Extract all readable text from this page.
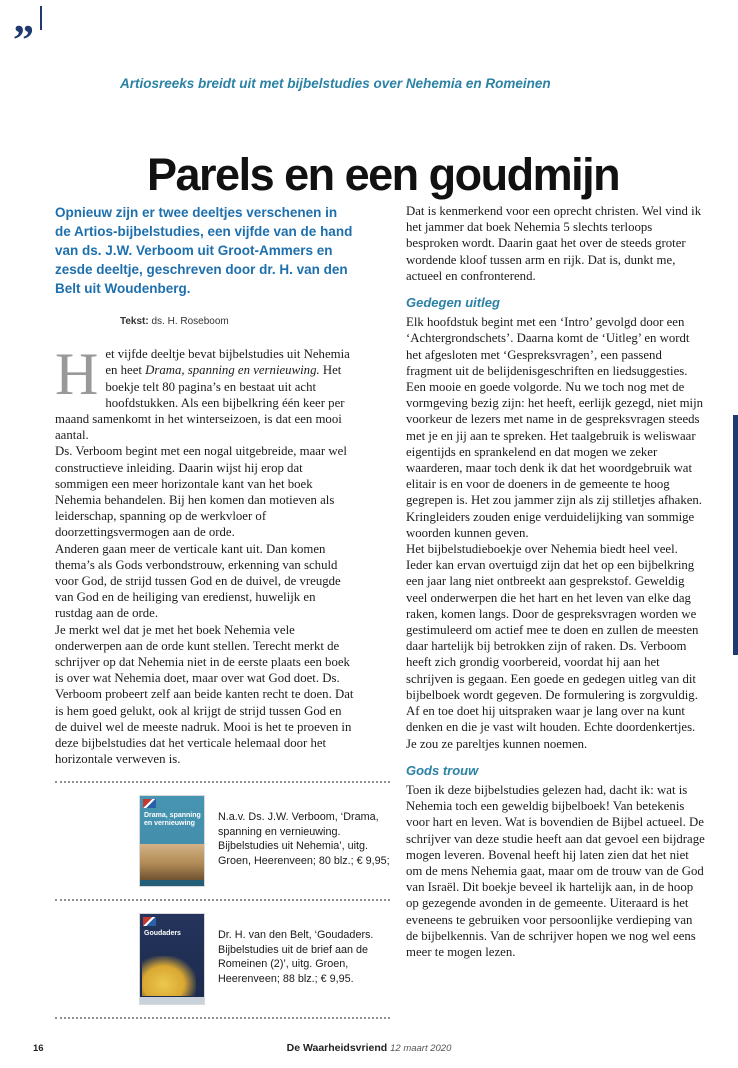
”
Artiosreeks breidt uit met bijbelstudies over Nehemia en Romeinen
Parels en een goudmijn

Opnieuw zijn er twee deeltjes verschenen in de Artios-bijbelstudies, een vijfde van de hand van ds. J.W. Verboom uit Groot-Ammers en zesde deeltje, geschreven door dr. H. van den Belt uit Woudenberg.

Tekst: ds. H. Roseboom

Het vijfde deeltje bevat bijbelstudies uit Nehemia en heet Drama, spanning en vernieuwing. Het boekje telt 80 pagina’s en bestaat uit acht hoofdstukken. Als een bijbelkring één keer per maand samenkomt in het winterseizoen, is dat een mooi aantal.

Ds. Verboom begint met een nogal uitgebreide, maar wel constructieve inleiding. Daarin wijst hij erop dat sommigen een meer horizontale kant van het boek Nehemia behandelen. Bij hen komen dan motieven als leiderschap, spanning op de werkvloer of doorzettingsvermogen aan de orde.

Anderen gaan meer de verticale kant uit. Dan komen thema’s als Gods verbondstrouw, erkenning van schuld voor God, de strijd tussen God en de duivel, de vreugde van God en de heiliging van eredienst, huwelijk en rustdag aan de orde.

Je merkt wel dat je met het boek Nehemia vele onderwerpen aan de orde kunt stellen. Terecht merkt de schrijver op dat Nehemia niet in de eerste plaats een boek is over wat Nehemia doet, maar over wat God doet. Ds. Verboom probeert zelf aan beide kanten recht te doen. Dat is hem goed gelukt, ook al krijgt de strijd tussen God en de duivel wel de meeste nadruk. Mooi is het te proeven in deze bijbelstudies dat het verticale helemaal door het horizontale verweven is.

Drama, spanning en vernieuwing
N.a.v. Ds. J.W. Verboom, ‘Drama, spanning en vernieuwing. Bijbelstudies uit Nehemia’, uitg. Groen, Heerenveen; 80 blz.; € 9,95;
Goudaders	Dr. H. van den Belt, ‘Goudaders. Bijbelstudies uit de brief aan de Romeinen (2)’, uitg. Groen, Heerenveen; 88 blz.; € 9,95.

Dat is kenmerkend voor een oprecht christen. Wel vind ik het jammer dat boek Nehemia 5 slechts terloops besproken wordt. Daarin gaat het over de steeds groter wordende kloof tussen arm en rijk. Dat is, dunkt me, actueel en confronterend.

Gedegen uitleg

Elk hoofdstuk begint met een ‘Intro’ gevolgd door een ‘Achtergrondschets’. Daarna komt de ‘Uitleg’ en wordt het afgesloten met ‘Gespreksvragen’, een passend fragment uit de belijdenisgeschriften en liedsuggesties. Een mooie en goede volgorde. Nu we toch nog met de vormgeving bezig zijn: het heeft, eerlijk gezegd, niet mijn voorkeur de lezers met name in de gespreksvragen steeds met je en jij aan te spreken. Het taalgebruik is weliswaar eigentijds en sprankelend en dat mogen we zeker waarderen, maar toch denk ik dat het woordgebruik wat elitair is en voor de doeners in de gemeente te hoog gegrepen is. Het zou jammer zijn als zij stilletjes afhaken. Kringleiders zouden enige verduidelijking van sommige woorden kunnen geven.

Het bijbelstudieboekje over Nehemia biedt heel veel. Ieder kan ervan overtuigd zijn dat het op een bijbelkring een jaar lang niet ontbreekt aan gesprekstof. Geweldig veel onderwerpen die het hart en het leven van elke dag raken, komen langs. Door de gespreksvragen worden we gestimuleerd om actief mee te doen en zullen de meesten daar hartelijk bij betrokken zijn of raken. Ds. Verboom heeft zich grondig voorbereid, voordat hij aan het schrijven is gegaan. Een goede en gedegen uitleg van dit bijbelboek wordt gegeven. De formulering is zorgvuldig. Af en toe doet hij uitspraken waar je lang over na kunt denken en die je vast wilt houden. Echte doordenkertjes. Je zou ze pareltjes kunnen noemen.

Gods trouw

Toen ik deze bijbelstudies gelezen had, dacht ik: wat is Nehemia toch een geweldig bijbelboek! Van betekenis voor hart en leven. Wat is bovendien de Bijbel actueel. De schrijver van deze studie heeft aan dat gevoel een bijdrage mogen leveren. Bovenal heeft hij laten zien dat het niet om de mens Nehemia gaat, maar om de trouw van de God van Israël. Dit boekje beveel ik hartelijk aan, in de hoop op gezegende avonden in de gemeente. Uiteraard is het eveneens te gebruiken voor persoonlijke verdieping van de bijbelkennis. Van de schrijver hopen we nog wel eens meer te mogen lezen.

16	De Waarheidsvriend 12 maart 2020
